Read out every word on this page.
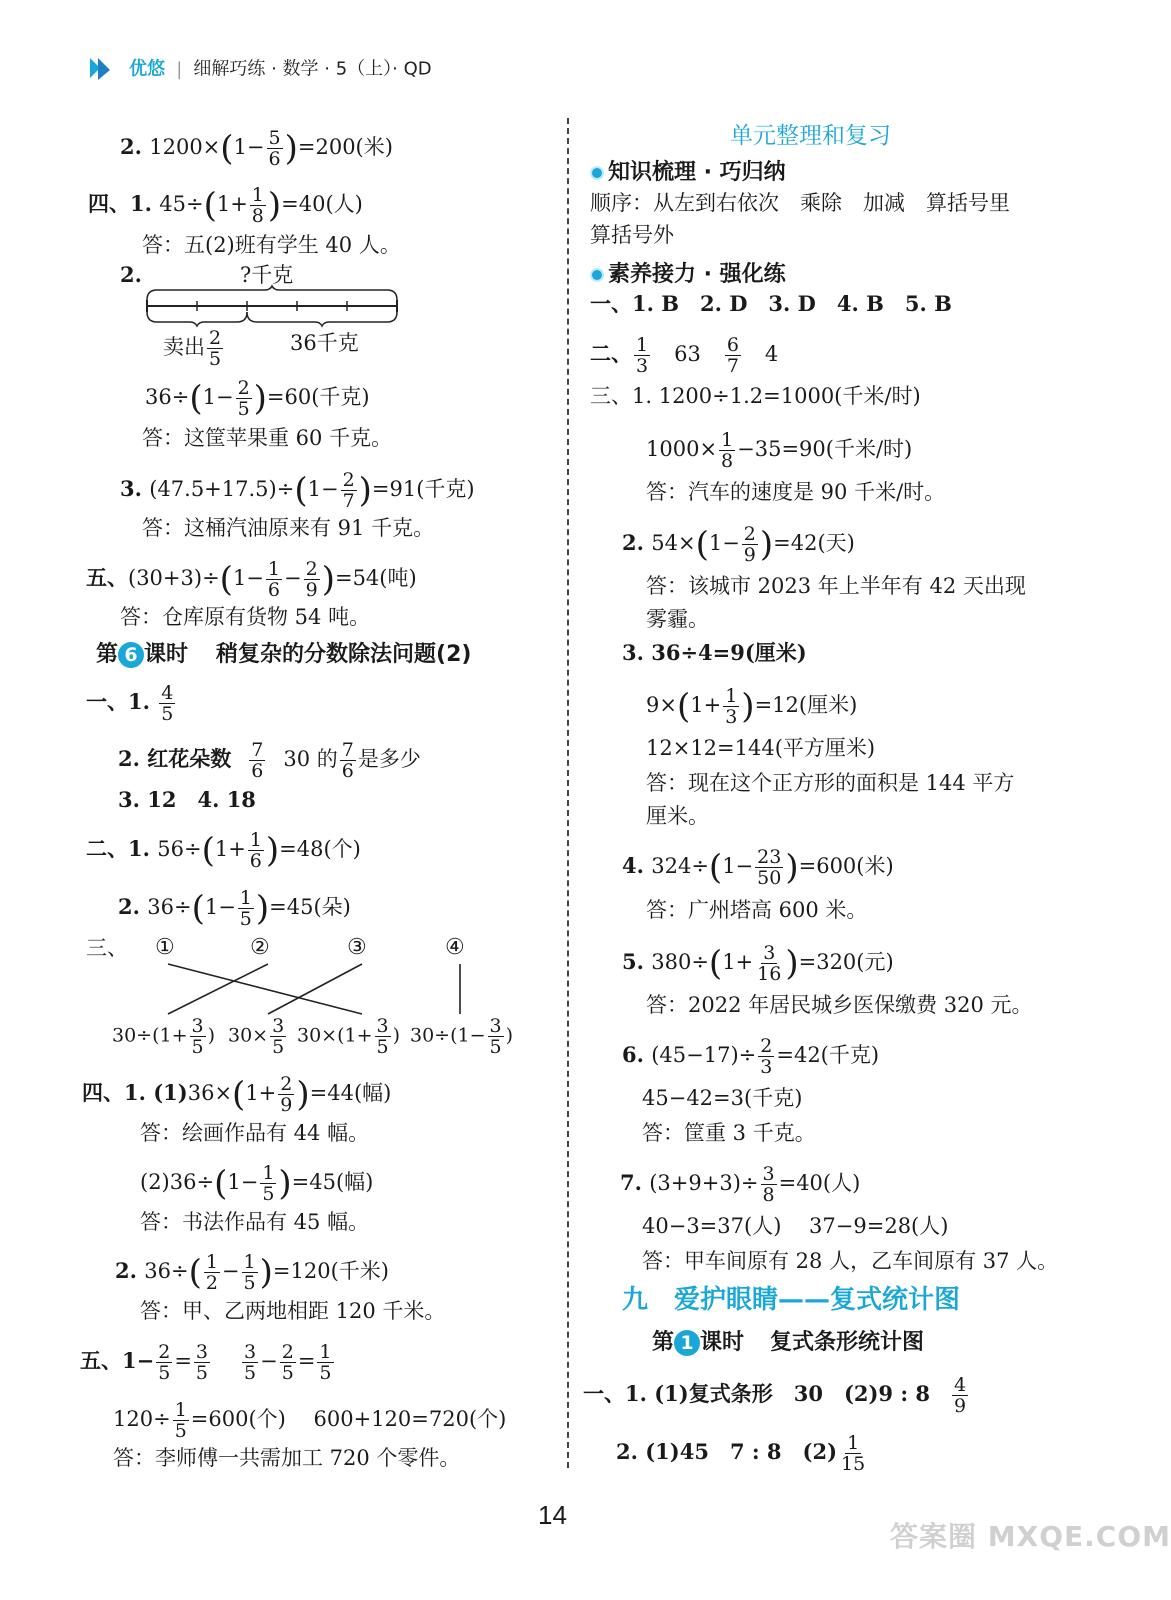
优悠 | 细解巧练 · 数学 · 5（上）· QD
2. $1200\times(1- \frac{5}{6} )=200$(米)
四、1. $45\div(1+ \frac{1}{8} )=40$(人)
答：五(2)班有学生 40 人。
2.	?千克
卖出 $\frac{2}{5}$	36千克
$36\div(1- \frac{2}{5} )=60$(千克)
答：这筐苹果重 60 千克。
3. $(47.5+17.5)\div(1- \frac{2}{7} )=91$(千克)
答：这桶汽油原来有 91 千克。
五、$(30+3)\div(1- \frac{1}{6} - \frac{2}{9} )=54$(吨)
答：仓库原有货物 54 吨。
第 6 课时 稍复杂的分数除法问题(2)
一、1. $\frac{4}{5}$
2. 红花朵数 $\frac{7}{6} 30$ 的 $\frac{7}{6}$ 是多少
3. 12　4. 18
二、1. $56\div(1+ \frac{1}{6} )=48$(个)
2. $36\div(1- \frac{1}{5} )=45$(朵)
三、 ①	②	③	④
$30\div(1+ \frac{3}{5}$ ) $30\times \frac{3}{5} 30\times(1+ \frac{3}{5}$ ) $30\div(1- \frac{3}{5}$ )
四、1. $(1)36\times(1+ \frac{2}{9} )=44$(幅)
答：绘画作品有 44 幅。
$(2)36\div(1- \frac{1}{5} )=45$(幅)
答：书法作品有 45 幅。
2. $36\div( \frac{1}{2} - \frac{1}{5} )=120$(千米)
答：甲、乙两地相距 120 千米。
五、$1- \frac{2}{5} = \frac{3}{5} \frac{3}{5} - \frac{2}{5} = \frac{1}{5}$
$120\div \frac{1}{5} =600$(个)　 600+120=720(个)
答：李师傅一共需加工 720 个零件。
单元整理和复习
知识梳理 · 巧归纳
顺序：从左到右依次　乘除　加减　算括号里
算括号外
素养接力 · 强化练
一、1. B　2. D　3. D　4. B　5. B
二、 $\frac{1}{3} 63 \frac{6}{7} 4$
三、1. 1200÷1.2=1000(千米/时)
$1000\times \frac{1}{8} -35=90$(千米/时)
答：汽车的速度是 90 千米/时。
2. $54\times(1- \frac{2}{9} )=42$(天)
答：该城市 2023 年上半年有 42 天出现
雾霾。
3. 36÷4=9(厘米)
$9\times(1+ \frac{1}{3} )=12$(厘米)
12×12=144(平方厘米)
答：现在这个正方形的面积是 144 平方
厘米。
4. $324\div(1- \frac{23}{50} )=600$(米)
答：广州塔高 600 米。
5. $380\div(1+ \frac{3}{16} )=320$(元)
答：2022 年居民城乡医保缴费 320 元。
6. $(45-17)\div \frac{2}{3} =42$(千克)
45−42=3(千克)
答：筐重 3 千克。
7. $(3+9+3)\div \frac{3}{8} =40$(人)
40−3=37(人)　 37−9=28(人)
答：甲车间原有 28 人，乙车间原有 37 人。
九　爱护眼睛——复式统计图
第 1 课时 复式条形统计图
一、1. (1)复式条形　30　(2)9 : $8 \frac{4}{9}$
2. (1)45　7 : 8　$(2) \frac{1}{15}$
14
答案圈 MXQE.COM
